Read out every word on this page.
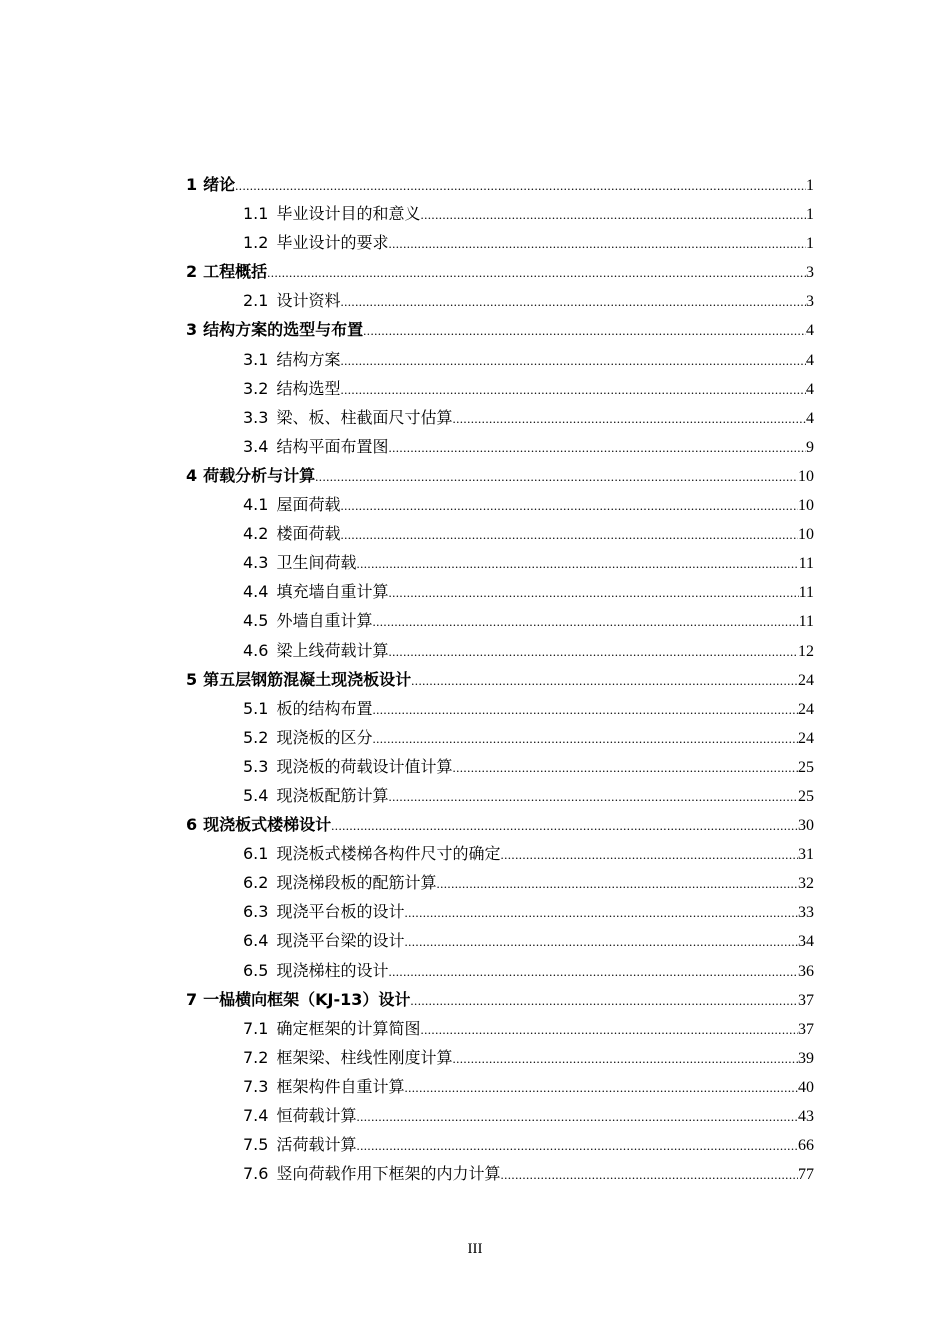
1 绪论 .....	1
1.1 毕业设计目的和意义 .....	1
1.2 毕业设计的要求 .....	1
2 工程概括 .....	3
2.1 设计资料 .....	3
3 结构方案的选型与布置 .....	4
3.1 结构方案 .....	4
3.2 结构选型 .....	4
3.3 梁、板、柱截面尺寸估算 .....	4
3.4 结构平面布置图 .....	9
4 荷载分析与计算 .....	10
4.1 屋面荷载 .....	10
4.2 楼面荷载 .....	10
4.3 卫生间荷载 .....	11
4.4 填充墙自重计算 .....	11
4.5 外墙自重计算 .....	11
4.6 梁上线荷载计算 .....	12
5 第五层钢筋混凝土现浇板设计 .....	24
5.1 板的结构布置 .....	24
5.2 现浇板的区分 .....	24
5.3 现浇板的荷载设计值计算 .....	25
5.4 现浇板配筋计算 .....	25
6 现浇板式楼梯设计 .....	30
6.1 现浇板式楼梯各构件尺寸的确定 .....	31
6.2 现浇梯段板的配筋计算 .....	32
6.3 现浇平台板的设计 .....	33
6.4 现浇平台梁的设计 .....	34
6.5 现浇梯柱的设计 .....	36
7 一榀横向框架（KJ-13）设计 .....	37
7.1 确定框架的计算简图 .....	37
7.2 框架梁、柱线性刚度计算 .....	39
7.3 框架构件自重计算 .....	40
7.4 恒荷载计算 .....	43
7.5 活荷载计算 .....	66
7.6 竖向荷载作用下框架的内力计算 .....	77
III
